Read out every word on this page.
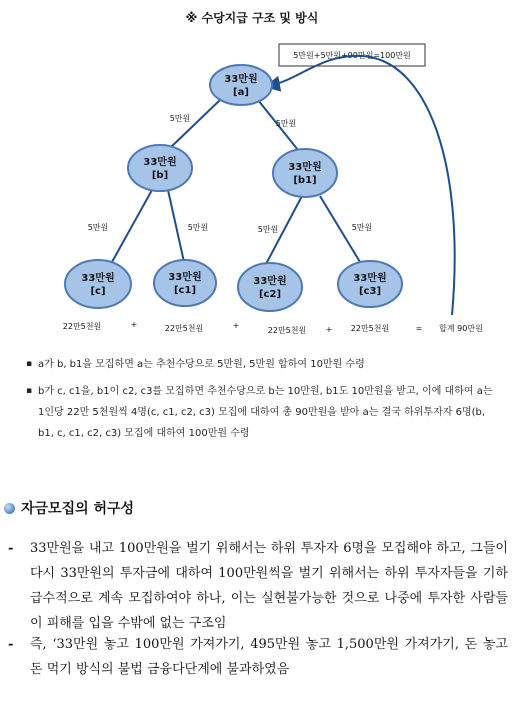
※ 수당지급 구조 및 방식
5만원+5만원+90만원=100만원
33만원
[a]
33만원
[b]
33만원
[b1]
33만원
[c]
33만원
[c1]
33만원
[c2]
33만원
[c3]
5만원
5만원
5만원	5만원	5만원	5만원
22만5천원	+	22만5천원	+
22만5천원 + 22만5천원	= 합계 90만원
▪ a가 b, b1을 모집하면 a는 추천수당으로 5만원, 5만원 합하여 10만원 수령
▪ b가 c, c1을, b1이 c2, c3를 모집하면 추천수당으로 b는 10만원, b1도 10만원을 받고, 이에 대하여 a는 1인당 22만 5천원씩 4명(c, c1, c2, c3) 모집에 대하여 총 90만원을 받아 a는 결국 하위투자자 6명(b, b1, c, c1, c2, c3) 모집에 대하여 100만원 수령
자금모집의 허구성
- 33만원을 내고 100만원을 벌기 위해서는 하위 투자자 6명을 모집해야 하고, 그들이 다시 33만원의 투자금에 대하여 100만원씩을 벌기 위해서는 하위 투자자들을 기하급수적으로 계속 모집하여야 하나, 이는 실현불가능한 것으로 나중에 투자한 사람들이 피해를 입을 수밖에 없는 구조임
- 즉, ‘33만원 놓고 100만원 가져가기, 495만원 놓고 1,500만원 가져가기, 돈 놓고 돈 먹기 방식의 불법 금융다단계에 불과하였음
